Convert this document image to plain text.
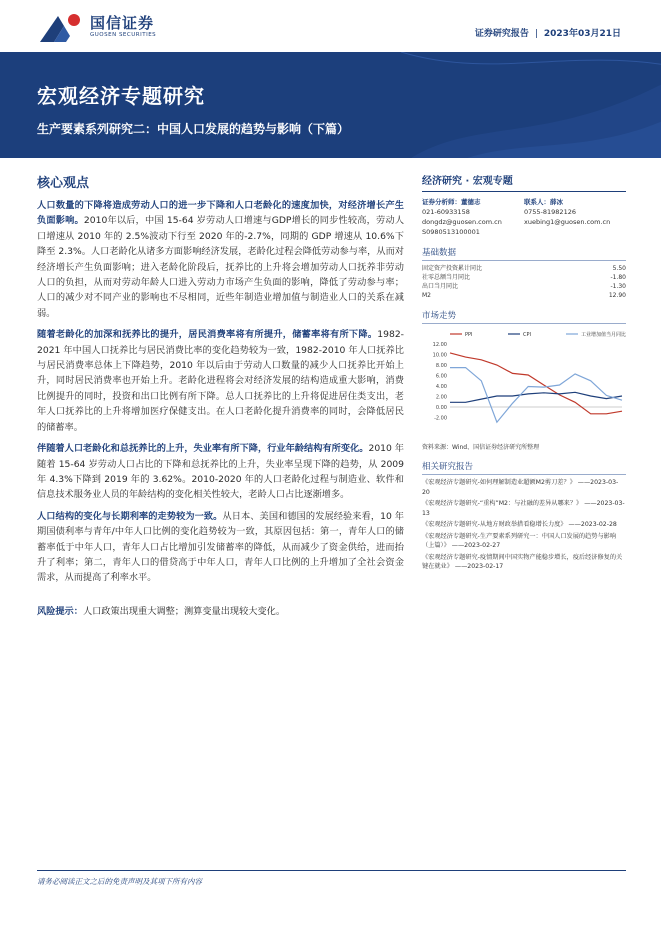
国信证券
GUOSEN SECURITIES	证券研究报告 | 2023年03月21日
宏观经济专题研究
生产要素系列研究二：中国人口发展的趋势与影响（下篇）
核心观点

人口数量的下降将造成劳动人口的进一步下降和人口老龄化的速度加快，对经济增长产生负面影响。2010年以后，中国 15-64 岁劳动人口增速与GDP增长的同步性较高，劳动人口增速从 2010 年的 2.5%波动下行至 2020 年的-2.7%，同期的 GDP 增速从 10.6%下降至 2.3%。人口老龄化从诸多方面影响经济发展，老龄化过程会降低劳动参与率，从而对经济增长产生负面影响；进入老龄化阶段后，抚养比的上升将会增加劳动人口抚养非劳动人口的负担，从而对劳动年龄人口进入劳动力市场产生负面的影响，降低了劳动参与率；人口的减少对不同产业的影响也不尽相同，近些年制造业增加值与制造业人口的关系在减弱。

随着老龄化的加深和抚养比的提升，居民消费率将有所提升，储蓄率将有所下降。1982-2021 年中国人口抚养比与居民消费比率的变化趋势较为一致，1982-2010 年人口抚养比与居民消费率总体上下降趋势，2010 年以后由于劳动人口数量的减少人口抚养比开始上升，同时居民消费率也开始上升。老龄化进程将会对经济发展的结构造成重大影响，消费比例提升的同时，投资和出口比例有所下降。总人口抚养比的上升将促进居住类支出，老年人口抚养比的上升将增加医疗保健支出。在人口老龄化提升消费率的同时，会降低居民的储蓄率。

伴随着人口老龄化和总抚养比的上升，失业率有所下降，行业年龄结构有所变化。2010 年随着 15-64 岁劳动人口占比的下降和总抚养比的上升，失业率呈现下降的趋势，从 2009 年 4.3%下降到 2019 年的 3.62%。2010-2020 年的人口老龄化过程与制造业、软件和信息技术服务业人员的年龄结构的变化相关性较大，老龄人口占比逐渐增多。

人口结构的变化与长期利率的走势较为一致。从日本、美国和德国的发展经验来看，10 年期国债利率与青年/中年人口比例的变化趋势较为一致，其原因包括：第一，青年人口的储蓄率低于中年人口，青年人口占比增加引发储蓄率的降低，从而减少了资金供给，进而抬升了利率；第二，青年人口的借贷高于中年人口，青年人口比例的上升增加了全社会资金需求，从而提高了利率水平。

风险提示：人口政策出现重大调整；测算变量出现较大变化。

经济研究 · 宏观专题
证券分析师：董德志
021-60933158
dongdz@guosen.com.cn
S0980513100001
联系人：薛冰
0755-81982126
xuebing1@guosen.com.cn
基础数据
固定资产投资累计同比	5.50
社零总额当月同比	-1.80
出口当月同比	-1.30
M2	12.90
市场走势
12.00
10.00
8.00
6.00
4.00
2.00
0.00
-2.00
PPI	CPI	工业增加值当月同比
资料来源：Wind、国信证券经济研究所整理
相关研究报告
《宏观经济专题研究-如何理解制造业超额M2剪刀差？》 ——2023-03-20
《宏观经济专题研究-“重构”M2：与社融的差异从哪来？》 ——2023-03-13
《宏观经济专题研究-从地方财政举措看稳增长力度》 ——2023-02-28
《宏观经济专题研究-生产要素系列研究一：中国人口发展的趋势与影响（上篇）》 ——2023-02-27
《宏观经济专题研究-疫情期间中国实物产能稳步增长，疫后经济修复的关键在就业》 ——2023-02-17
请务必阅读正文之后的免责声明及其项下所有内容
